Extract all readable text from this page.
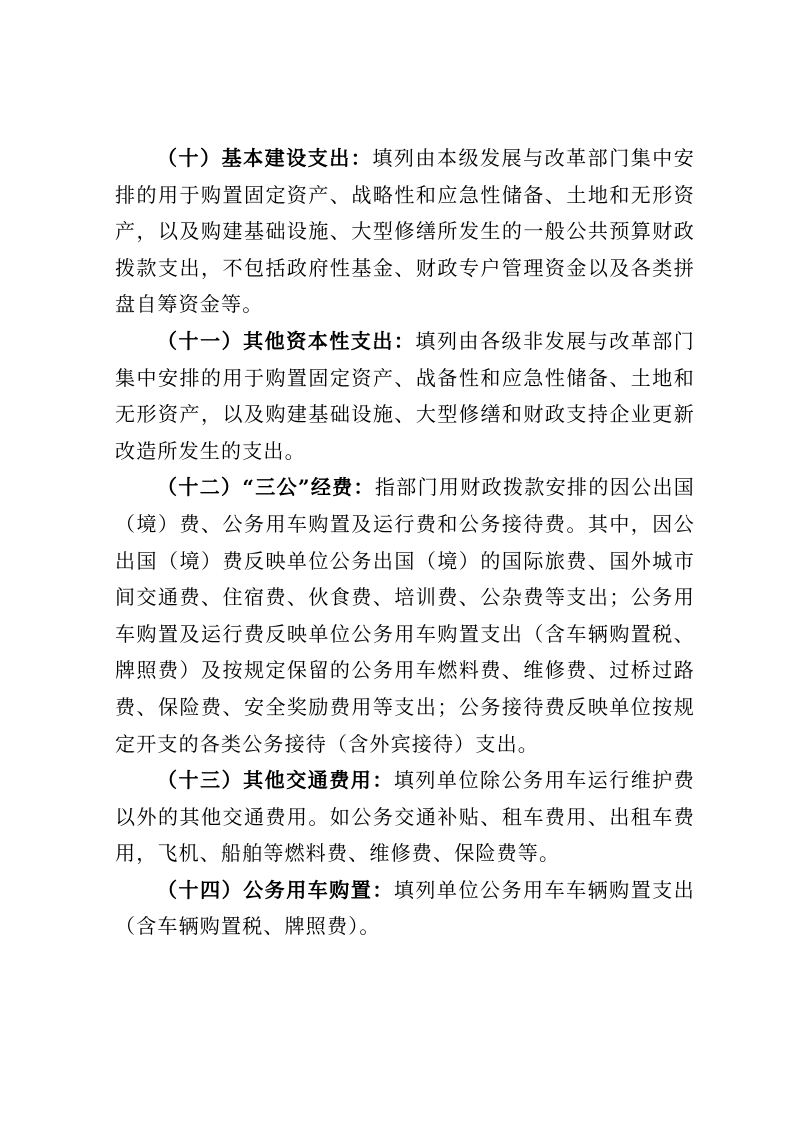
（十）基本建设支出：填列由本级发展与改革部门集中安排的用于购置固定资产、战略性和应急性储备、土地和无形资产，以及购建基础设施、大型修缮所发生的一般公共预算财政拨款支出，不包括政府性基金、财政专户管理资金以及各类拼盘自筹资金等。

（十一）其他资本性支出：填列由各级非发展与改革部门集中安排的用于购置固定资产、战备性和应急性储备、土地和无形资产，以及购建基础设施、大型修缮和财政支持企业更新改造所发生的支出。

（十二）“三公”经费：指部门用财政拨款安排的因公出国（境）费、公务用车购置及运行费和公务接待费。其中，因公出国（境）费反映单位公务出国（境）的国际旅费、国外城市间交通费、住宿费、伙食费、培训费、公杂费等支出；公务用车购置及运行费反映单位公务用车购置支出（含车辆购置税、牌照费）及按规定保留的公务用车燃料费、维修费、过桥过路费、保险费、安全奖励费用等支出；公务接待费反映单位按规定开支的各类公务接待（含外宾接待）支出。

（十三）其他交通费用：填列单位除公务用车运行维护费以外的其他交通费用。如公务交通补贴、租车费用、出租车费用，飞机、船舶等燃料费、维修费、保险费等。

（十四）公务用车购置：填列单位公务用车车辆购置支出（含车辆购置税、牌照费）。
